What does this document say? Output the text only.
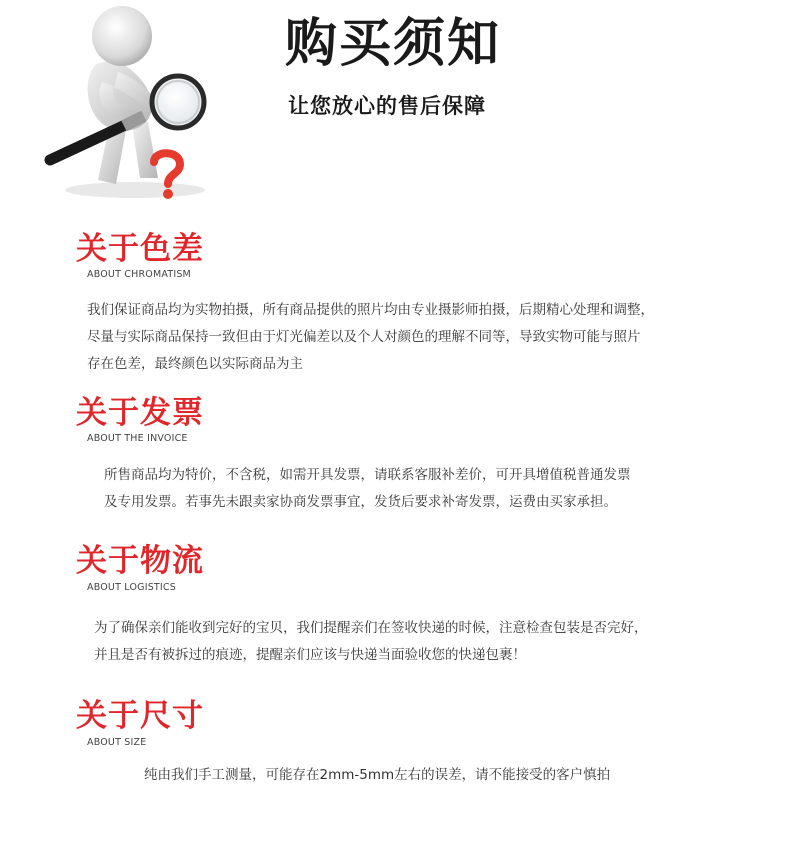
购买须知
让您放心的售后保障
关于色差
ABOUT CHROMATISM
我们保证商品均为实物拍摄，所有商品提供的照片均由专业摄影师拍摄，后期精心处理和调整，
尽量与实际商品保持一致但由于灯光偏差以及个人对颜色的理解不同等，导致实物可能与照片
存在色差，最终颜色以实际商品为主
关于发票
ABOUT THE INVOICE
所售商品均为特价，不含税，如需开具发票，请联系客服补差价，可开具增值税普通发票
及专用发票。若事先未跟卖家协商发票事宜，发货后要求补寄发票，运费由买家承担。
关于物流
ABOUT LOGISTICS
为了确保亲们能收到完好的宝贝，我们提醒亲们在签收快递的时候，注意检查包装是否完好，
并且是否有被拆过的痕迹，提醒亲们应该与快递当面验收您的快递包裹！
关于尺寸
ABOUT SIZE
纯由我们手工测量，可能存在2mm-5mm左右的误差，请不能接受的客户慎拍
